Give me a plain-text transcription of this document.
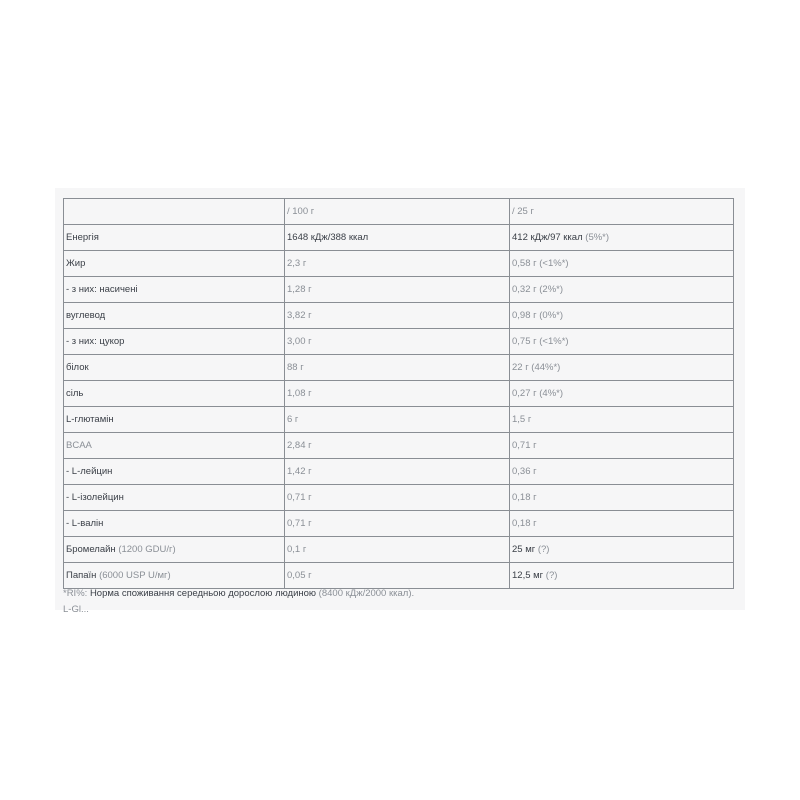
	/ 100 г	/ 25 г
Енергія	1648 кДж/388 ккал	412 кДж/97 ккал (5%*)
Жир	2,3 г	0,58 г (<1%*)
- з них: насичені	1,28 г	0,32 г (2%*)
вуглевод	3,82 г	0,98 г (0%*)
- з них: цукор	3,00 г	0,75 г (<1%*)
білок	88 г	22 г (44%*)
сіль	1,08 г	0,27 г (4%*)
L-глютамін	6 г	1,5 г
BCAA	2,84 г	0,71 г
- L-лейцин	1,42 г	0,36 г
- L-ізолейцин	0,71 г	0,18 г
- L-валін	0,71 г	0,18 г
Бромелайн (1200 GDU/г)	0,1 г	25 мг (?)
Папаїн (6000 USP U/мг)	0,05 г	12,5 мг (?)
*RI%: Норма споживання середньою дорослою людиною (8400 кДж/2000 ккал).
L-Gl...
